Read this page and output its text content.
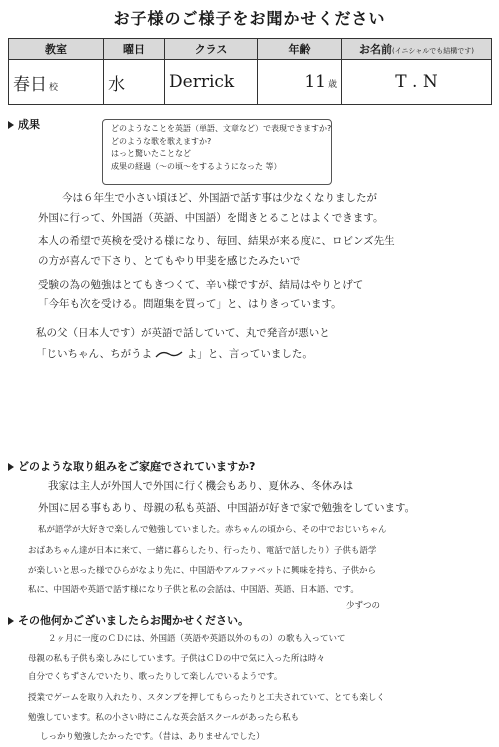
お子様のご様子をお聞かせください
教室	曜日	クラス	年齢	お名前(イニシャルでも結構です)
春日 校	水	Derrick	11 歳	T . N
成果	どのようなことを英語（単語、文章など）で表現できますか?
どのような歌を歌えますか?
はっと驚いたことなど
成果の経過（〜の頃〜をするようになった 等）
今は６年生で小さい頃ほど、外国語で話す事は少なくなりましたが
外国に行って、外国語（英語、中国語）を聞きとることはよくできます。
本人の希望で英検を受ける様になり、毎回、結果が来る度に、ロビンズ先生
の方が喜んで下さり、とてもやり甲斐を感じたみたいで
受験の為の勉強はとてもきつくて、辛い様ですが、結局はやりとげて
「今年も次を受ける。問題集を買って」と、はりきっています。
私の父（日本人です）が英語で話していて、丸で発音が悪いと
「じいちゃん、ちがうよ	よ」と、言っていました。
どのような取り組みをご家庭でされていますか?
我家は主人が外国人で外国に行く機会もあり、夏休み、冬休みは
外国に居る事もあり、母親の私も英語、中国語が好きで家で勉強をしています。
私が語学が大好きで楽しんで勉強していました。赤ちゃんの頃から、その中でおじいちゃん
おばあちゃん達が日本に来て、一緒に暮らしたり、行ったり、電話で話したり）子供も語学
が楽しいと思った様でひらがなより先に、中国語やアルファベットに興味を持ち、子供から
私に、中国語や英語で話す様になり子供と私の会話は、中国語、英語、日本語、です。
少ずつの
その他何かございましたらお聞かせください。
２ヶ月に一度のＣＤには、外国語（英語や英語以外のもの）の歌も入っていて
母親の私も子供も楽しみにしています。子供はＣＤの中で気に入った所は時々
自分でくちずさんでいたり、歌ったりして楽しんでいるようです。
授業でゲームを取り入れたり、スタンプを押してもらったりと工夫されていて、とても楽しく
勉強しています。私の小さい時にこんな英会話スクールがあったら私も
しっかり勉強したかったです。（昔は、ありませんでした）
